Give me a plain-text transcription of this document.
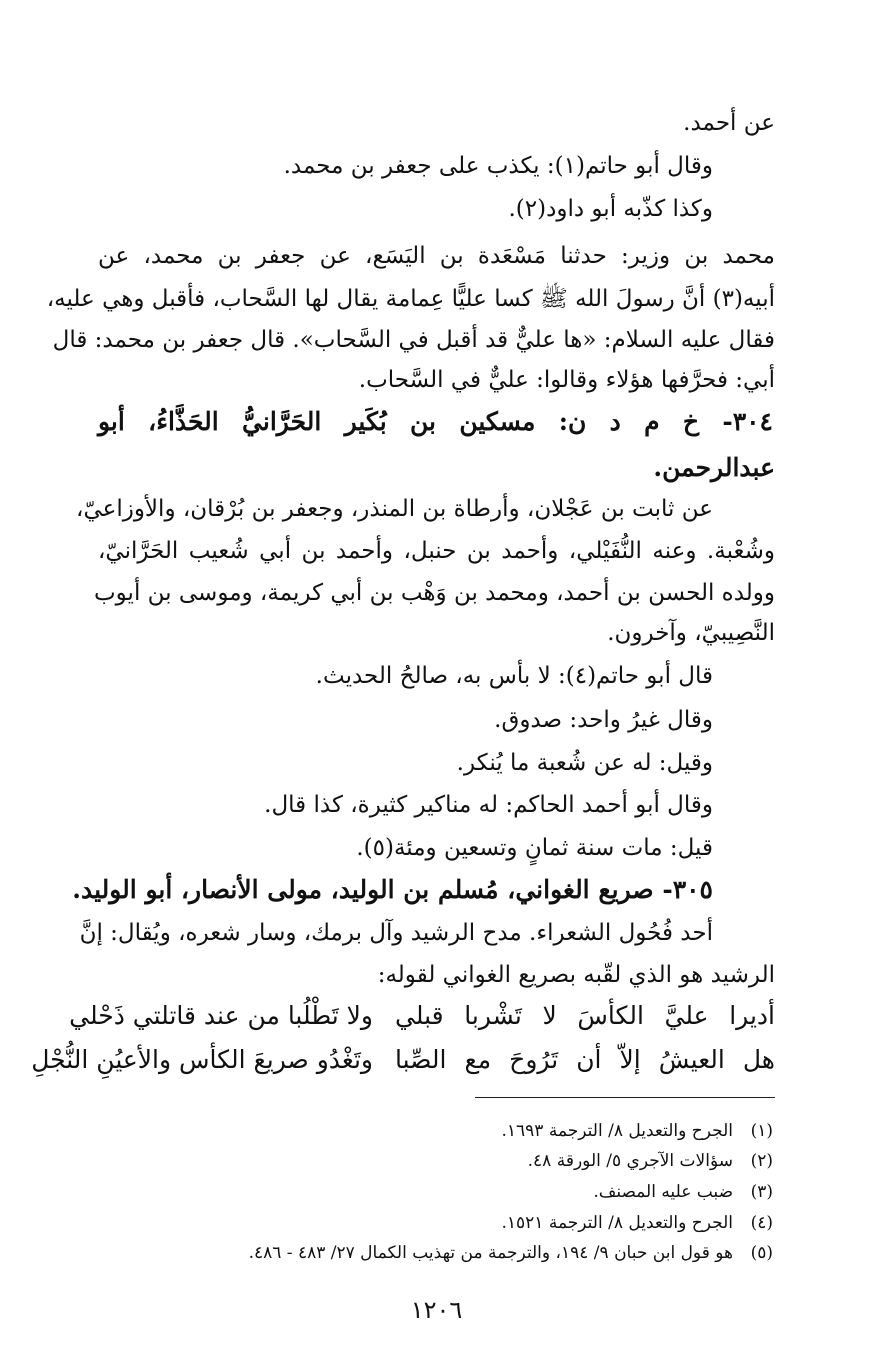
عن أحمد.
وقال أبو حاتم(١): يكذب على جعفر بن محمد.
وكذا كذّبه أبو داود(٢).
محمد بن وزير: حدثنا مَسْعَدة بن اليَسَع، عن جعفر بن محمد، عن
أبيه(٣) أنَّ رسولَ الله ﷺ كسا عليًّا عِمامة يقال لها السَّحاب، فأقبل وهي عليه،
فقال عليه السلام: «ها عليٌّ قد أقبل في السَّحاب». قال جعفر بن محمد: قال
أبي: فحرَّفها هؤلاء وقالوا: عليٌّ في السَّحاب.
٣٠٤- خ م د ن: مسكين بن بُكَير الحَرَّانيُّ الحَذَّاءُ، أبو
عبدالرحمن.
عن ثابت بن عَجْلان، وأرطاة بن المنذر، وجعفر بن بُرْقان، والأوزاعيّ،
وشُعْبة. وعنه النُّفَيْلي، وأحمد بن حنبل، وأحمد بن أبي شُعيب الحَرَّانيّ،
وولده الحسن بن أحمد، ومحمد بن وَهْب بن أبي كريمة، وموسى بن أيوب
النَّصِيبيّ، وآخرون.
قال أبو حاتم(٤): لا بأس به، صالحُ الحديث.
وقال غيرُ واحد: صدوق.
وقيل: له عن شُعبة ما يُنكر.
وقال أبو أحمد الحاكم: له مناكير كثيرة، كذا قال.
قيل: مات سنة ثمانٍ وتسعين ومئة(٥).
٣٠٥- صريع الغواني، مُسلم بن الوليد، مولى الأنصار، أبو الوليد.
أحد فُحُول الشعراء. مدح الرشيد وآل برمك، وسار شعره، ويُقال: إنَّ
الرشيد هو الذي لقّبه بصريع الغواني لقوله:
أديرا عليَّ الكأسَ لا تَشْربا قبلي
ولا تَطْلُبا من عند قاتلتي ذَحْلي
هل العيشُ إلاّ أن تَرُوحَ مع الصِّبا
وتَغْدُو صريعَ الكأس والأعيُنِ النُّجْلِ
(١)الجرح والتعديل ٨/ الترجمة ١٦٩٣.
(٢)سؤالات الآجري ٥/ الورقة ٤٨.
(٣)ضبب عليه المصنف.
(٤)الجرح والتعديل ٨/ الترجمة ١٥٢١.
(٥)هو قول ابن حبان ٩/ ١٩٤، والترجمة من تهذيب الكمال ٢٧/ ٤٨٣ - ٤٨٦.
١٢٠٦
